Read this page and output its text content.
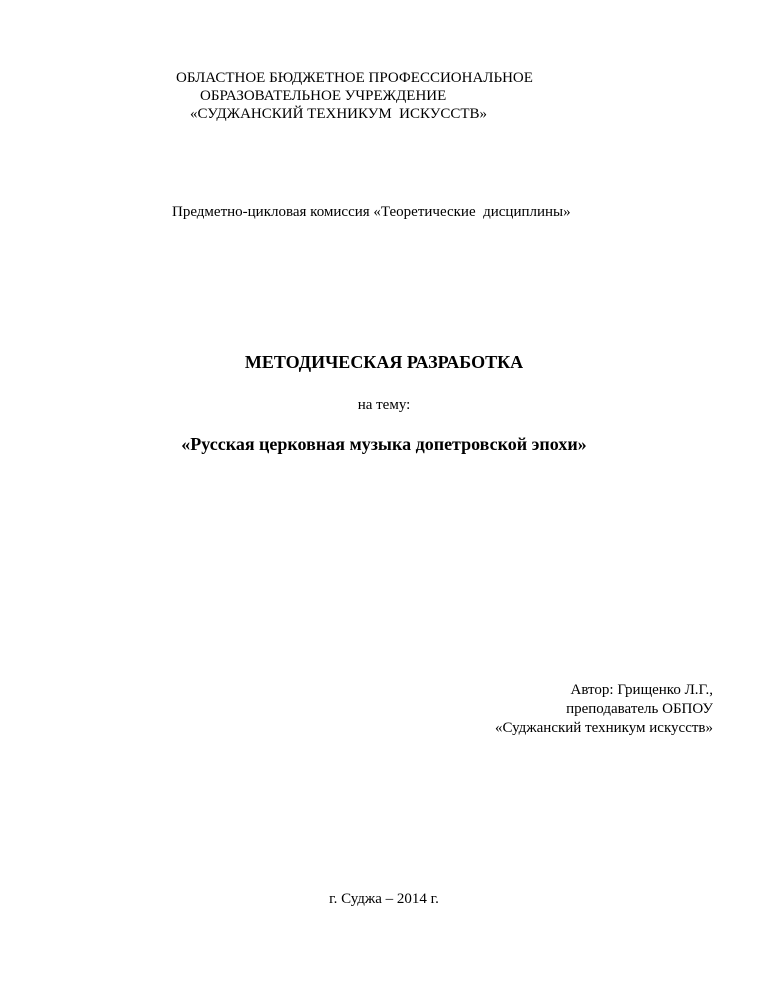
ОБЛАСТНОЕ БЮДЖЕТНОЕ ПРОФЕССИОНАЛЬНОЕ
ОБРАЗОВАТЕЛЬНОЕ УЧРЕЖДЕНИЕ
«СУДЖАНСКИЙ ТЕХНИКУМ  ИСКУССТВ»
Предметно-цикловая комиссия «Теоретические  дисциплины»
МЕТОДИЧЕСКАЯ РАЗРАБОТКА
на тему:
«Русская церковная музыка допетровской эпохи»
Автор: Грищенко Л.Г.,
преподаватель ОБПОУ
«Суджанский техникум искусств»
г. Суджа – 2014 г.
